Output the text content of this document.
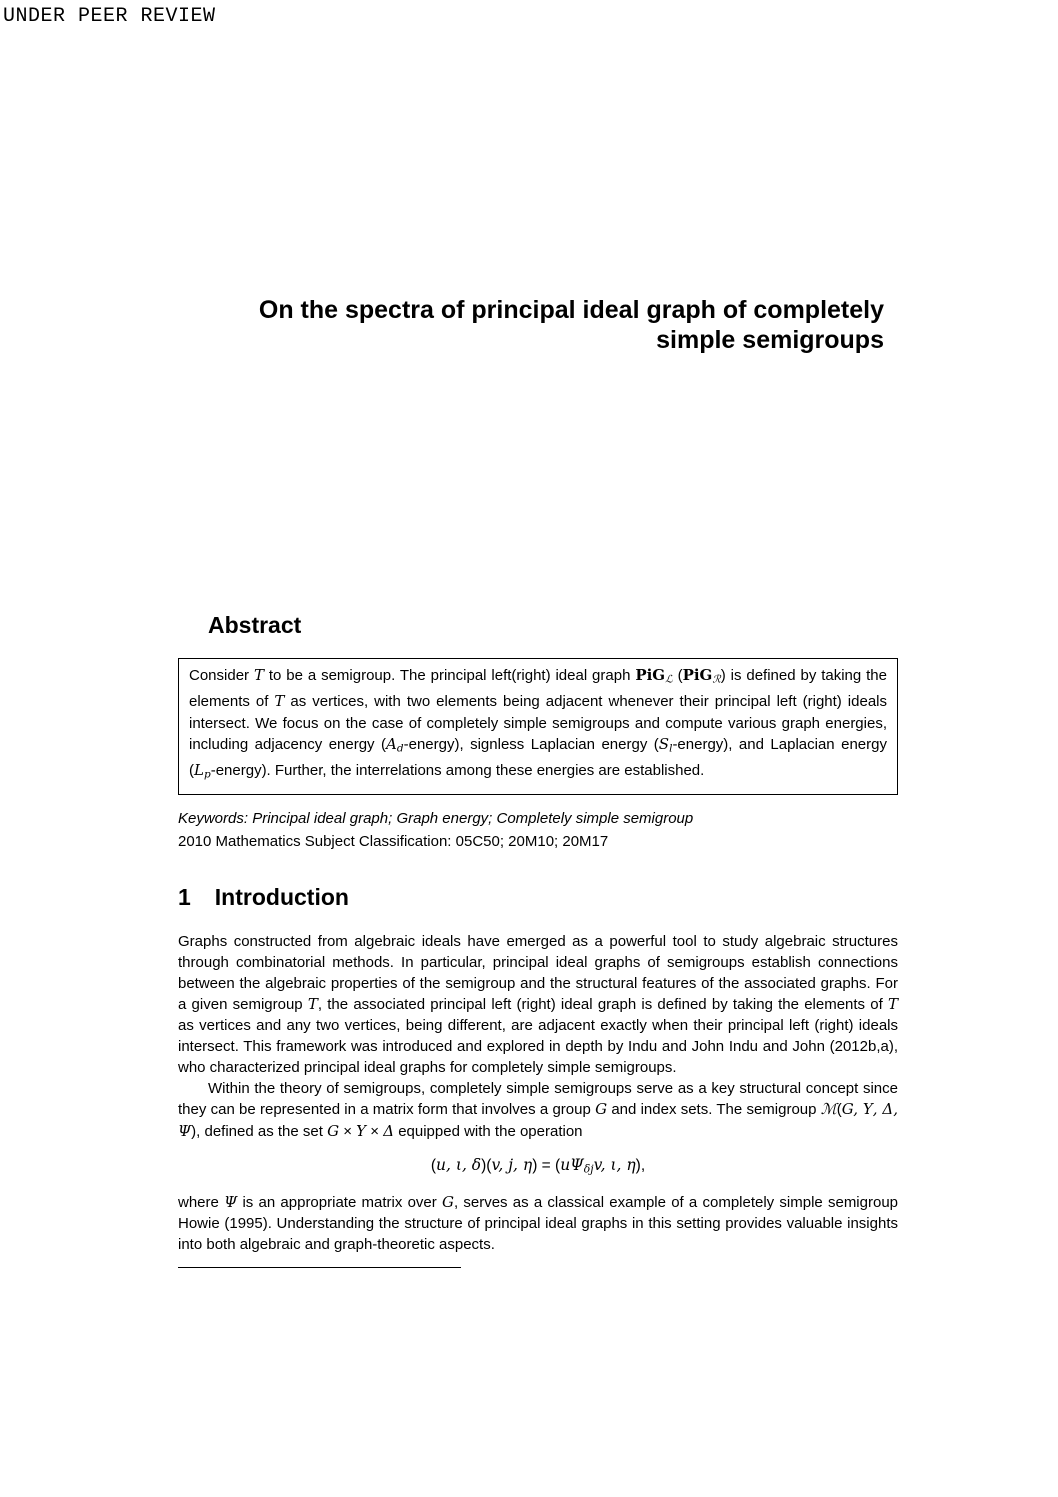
UNDER PEER REVIEW
On the spectra of principal ideal graph of completely
simple semigroups
Abstract
Consider T to be a semigroup. The principal left(right) ideal graph PiGℒ (PiGℛ) is defined by taking the elements of T as vertices, with two elements being adjacent whenever their principal left (right) ideals intersect. We focus on the case of completely simple semigroups and compute various graph energies, including adjacency energy (Ad-energy), signless Laplacian energy (Sl-energy), and Laplacian energy (Lp-energy). Further, the interrelations among these energies are established.
Keywords: Principal ideal graph; Graph energy; Completely simple semigroup
2010 Mathematics Subject Classification: 05C50; 20M10; 20M17
1 Introduction

Graphs constructed from algebraic ideals have emerged as a powerful tool to study algebraic structures through combinatorial methods. In particular, principal ideal graphs of semigroups establish connections between the algebraic properties of the semigroup and the structural features of the associated graphs. For a given semigroup T, the associated principal left (right) ideal graph is defined by taking the elements of T as vertices and any two vertices, being different, are adjacent exactly when their principal left (right) ideals intersect. This framework was introduced and explored in depth by Indu and John Indu and John (2012b,a), who characterized principal ideal graphs for completely simple semigroups.

Within the theory of semigroups, completely simple semigroups serve as a key structural concept since they can be represented in a matrix form that involves a group G and index sets. The semigroup ℳ(G, Υ, Δ, Ψ), defined as the set G × Υ × Δ equipped with the operation

(u, ι, δ)(v, j, η) = (uΨδjv, ι, η),

where Ψ is an appropriate matrix over G, serves as a classical example of a completely simple semigroup Howie (1995). Understanding the structure of principal ideal graphs in this setting provides valuable insights into both algebraic and graph-theoretic aspects.
